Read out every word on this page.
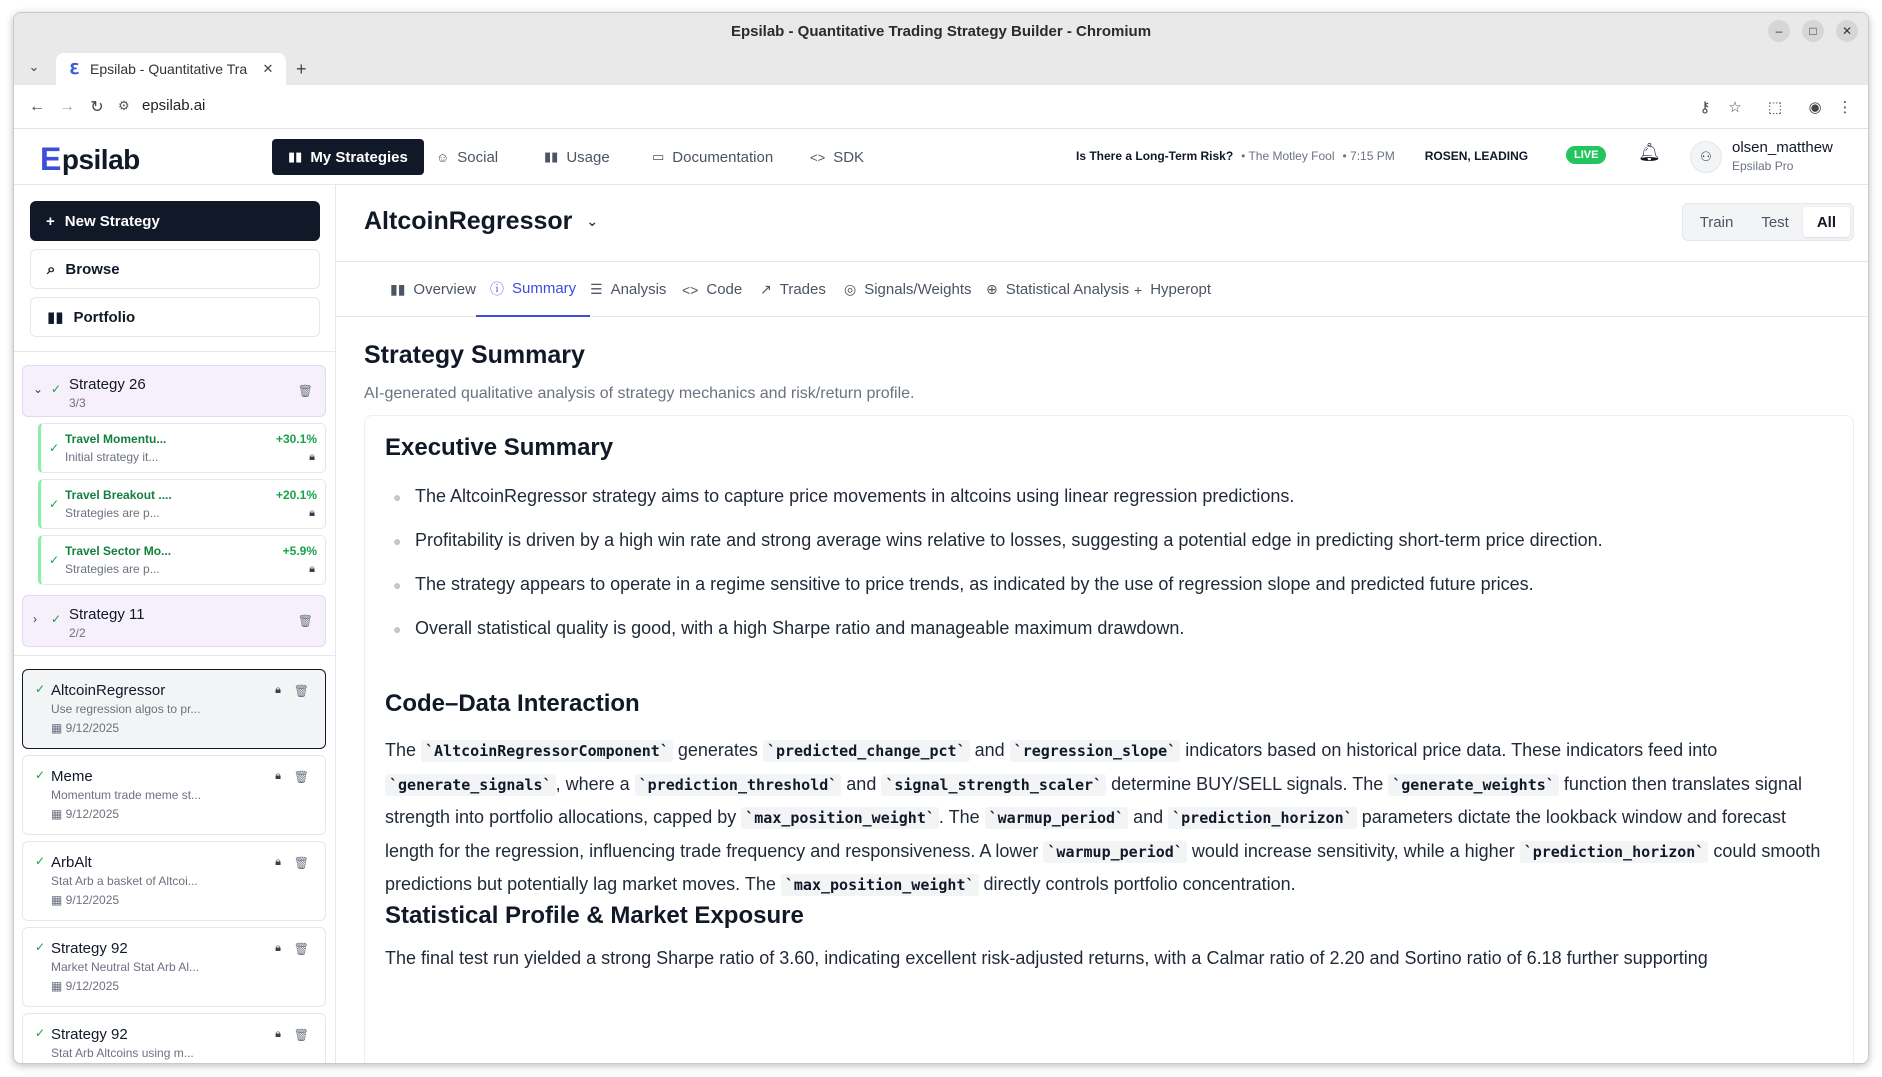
Epsilab - Quantitative Trading Strategy Builder - Chromium	–	□	✕
⌄	ℇ Epsilab - Quantitative Tra	✕ +
← → ↻	⚙ epsilab.ai	⚷	☆ ⬚ ◉ ⋮
E psilab	▮▮ My Strategies ☺ Social	▮▮ Usage	▭ Documentation	<> SDK	Is There a Long-Term Risk? • The Motley Fool • 7:15 PM	ROSEN, LEADING	LIVE	🔔︎	⚇
olsen_matthew
Epsilab Pro
+ New Strategy
⌕ Browse
▮▮ Portfolio
⌄ ✓ Strategy 26
3/3
🗑︎
✓
Travel Momentu...
Initial strategy it...
+30.1%
🔒︎
✓
Travel Breakout ....
Strategies are p...
+20.1%
🔒︎
✓
Travel Sector Mo...
Strategies are p...
+5.9%
🔒︎
› ✓ Strategy 11
2/2
🗑︎
✓ AltcoinRegressor
Use regression algos to pr...
▦ 9/12/2025
🔒︎ 🗑︎
✓ Meme
Momentum trade meme st...
▦ 9/12/2025
🔒︎ 🗑︎
✓ ArbAlt
Stat Arb a basket of Altcoi...
▦ 9/12/2025
🔒︎ 🗑︎
✓ Strategy 92
Market Neutral Stat Arb Al...
▦ 9/12/2025
🔒︎ 🗑︎
✓ Strategy 92
Stat Arb Altcoins using m...
🔒︎ 🗑︎
AltcoinRegressor ⌄	Train	Test	All
▮▮ Overview ⓘ Summary ☰ Analysis <> Code ↗ Trades ◎ Signals/Weights ⊕ Statistical Analysis + Hyperopt
Strategy Summary
AI-generated qualitative analysis of strategy mechanics and risk/return profile.
Executive Summary
● The AltcoinRegressor strategy aims to capture price movements in altcoins using linear regression predictions.
● Profitability is driven by a high win rate and strong average wins relative to losses, suggesting a potential edge in predicting short-term price direction.
● The strategy appears to operate in a regime sensitive to price trends, as indicated by the use of regression slope and predicted future prices.
● Overall statistical quality is good, with a high Sharpe ratio and manageable maximum drawdown.
Code–Data Interaction
The `AltcoinRegressorComponent` generates `predicted_change_pct` and `regression_slope` indicators based on historical price data. These indicators feed into `generate_signals` , where a `prediction_threshold` and `signal_strength_scaler` determine BUY/SELL signals. The `generate_weights` function then translates signal strength into portfolio allocations, capped by `max_position_weight` . The `warmup_period` and `prediction_horizon` parameters dictate the lookback window and forecast length for the regression, influencing trade frequency and responsiveness. A lower `warmup_period` would increase sensitivity, while a higher `prediction_horizon` could smooth predictions but potentially lag market moves. The `max_position_weight` directly controls portfolio concentration.
Statistical Profile & Market Exposure
The final test run yielded a strong Sharpe ratio of 3.60, indicating excellent risk-adjusted returns, with a Calmar ratio of 2.20 and Sortino ratio of 6.18 further supporting
